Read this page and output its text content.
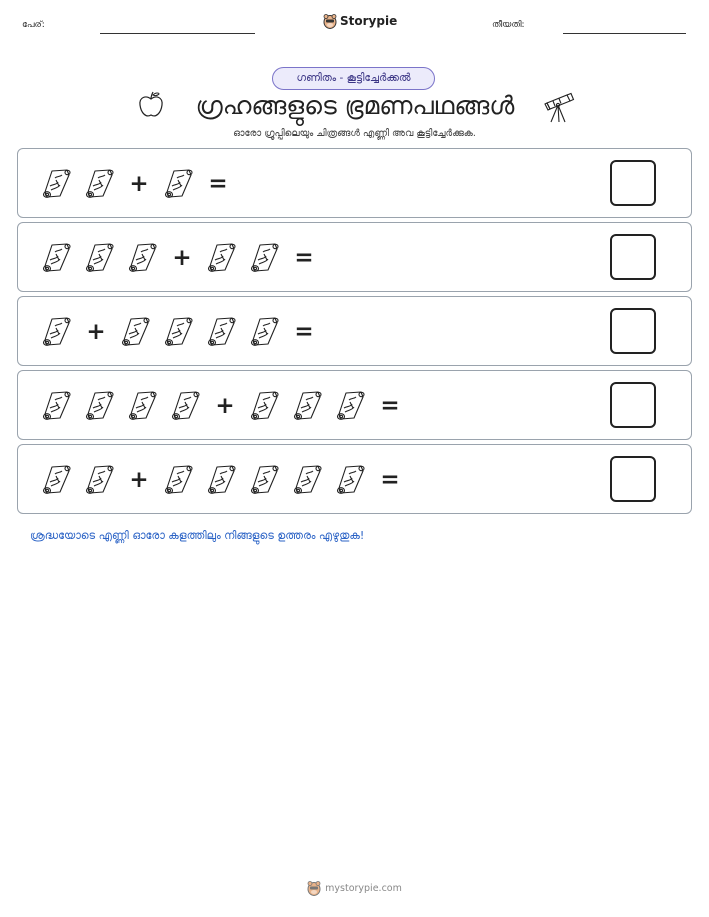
പേര്:	Storypie	തീയതി:
ഗണിതം - കൂട്ടിച്ചേർക്കൽ
ഗ്രഹങ്ങളുടെ ഭ്രമണപഥങ്ങൾ
ഓരോ ഗ്രൂപ്പിലെയും ചിത്രങ്ങൾ എണ്ണി അവ കൂട്ടിച്ചേർക്കുക.
+	=
+	=
+	=
+	=
+	=
ശ്രദ്ധയോടെ എണ്ണി ഓരോ കളത്തിലും നിങ്ങളുടെ ഉത്തരം എഴുതുക!
mystorypie.com
